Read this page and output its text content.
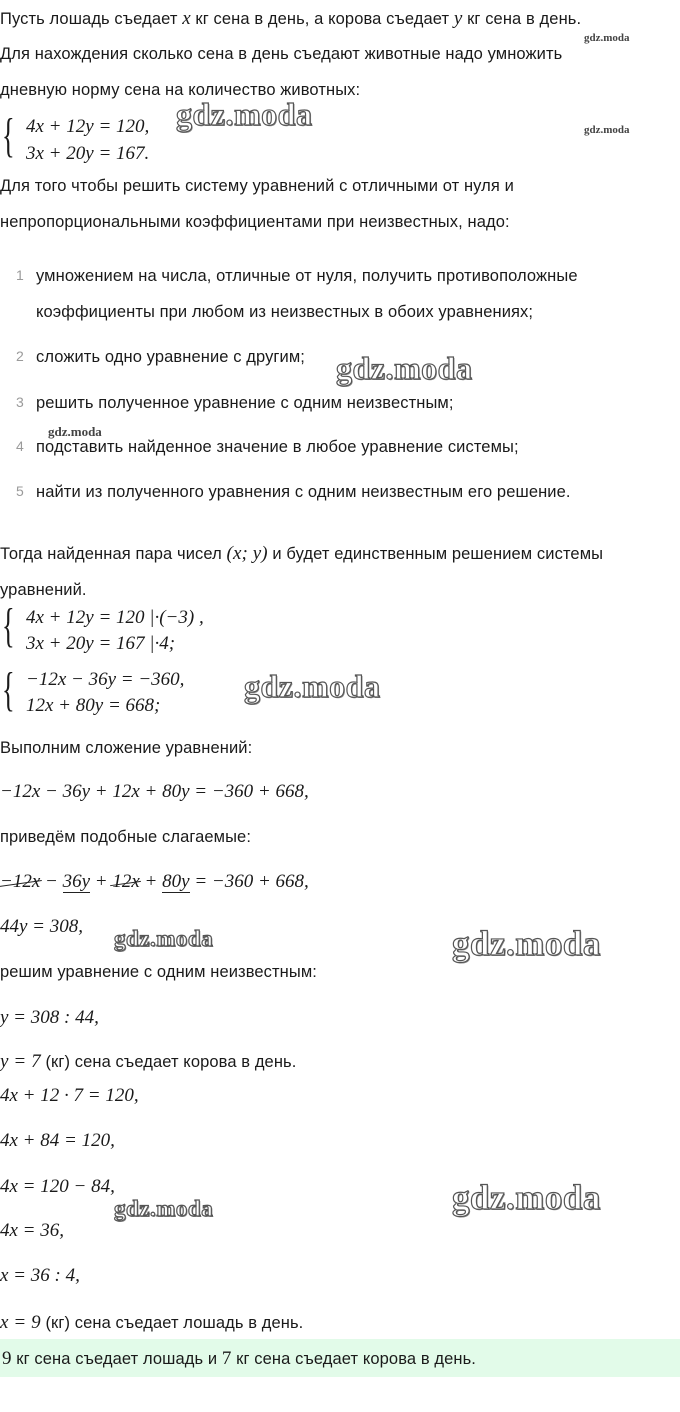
Пусть лошадь съедает x кг сена в день, а корова съедает y кг сена в день.
Для нахождения сколько сена в день съедают животные надо умножить
дневную норму сена на количество животных:
{ 4x + 12y = 120,
3x + 20y = 167.
Для того чтобы решить систему уравнений с отличными от нуля и
непропорциональными коэффициентами при неизвестных, надо:
1 умножением на числа, отличные от нуля, получить противоположные
коэффициенты при любом из неизвестных в обоих уравнениях;
2 сложить одно уравнение с другим;
3 решить полученное уравнение с одним неизвестным;
4 подставить найденное значение в любое уравнение системы;
5 найти из полученного уравнения с одним неизвестным его решение.
Тогда найденная пара чисел (x; y) и будет единственным решением системы
уравнений.
{ 4x + 12y = 120 |·(−3) ,
3x + 20y = 167 |·4;
{ −12x − 36y = −360,
12x + 80y = 668;
Выполним сложение уравнений:
−12x − 36y + 12x + 80y = −360 + 668,
приведём подобные слагаемые:
−12x − 36y + 12x + 80y = −360 + 668,
44y = 308,
решим уравнение с одним неизвестным:
y = 308 : 44,
y = 7 (кг) сена съедает корова в день.
4x + 12 · 7 = 120,
4x + 84 = 120,
4x = 120 − 84,
4x = 36,
x = 36 : 4,
x = 9 (кг) сена съедает лошадь в день.
9 кг сена съедает лошадь и 7 кг сена съедает корова в день.
gdz.moda
gdz.moda	gdz.moda
gdz.moda
gdz.moda
gdz.moda
gdz.moda	gdz.moda
gdz.moda
gdz.moda
